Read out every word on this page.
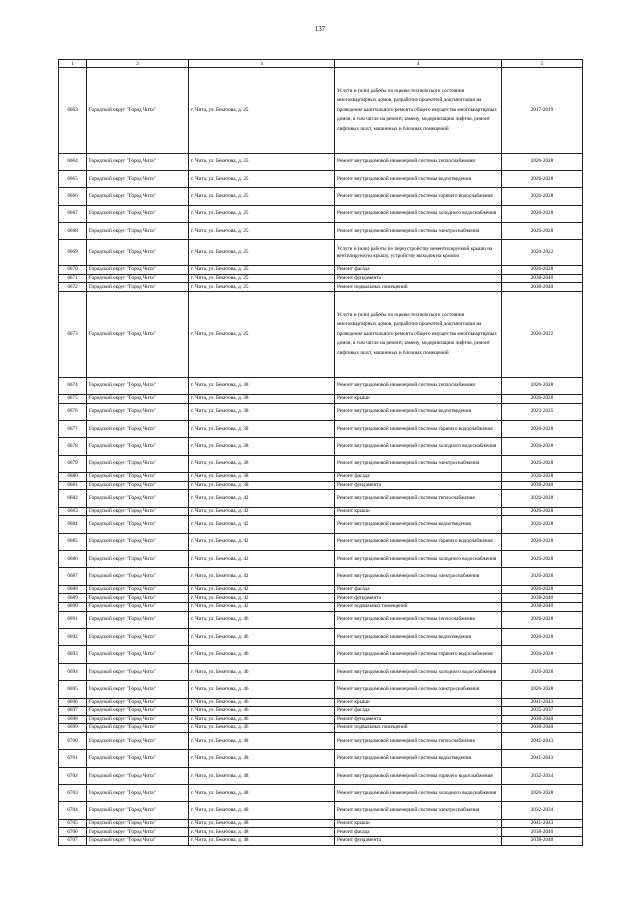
137
1	2	3	4	5
6663	Городской округ "Город Чита"	г. Чита, ул. Бекетова, д. 25	Услуги и (или) работы по оценке технического состояния многоквартирных домов, разработке проектной документации на проведение капитального ремонта общего имущества многоквартирных домов, в том числе на ремонт, замену, модернизацию лифтов, ремонт лифтовых шахт, машинных и блочных помещений	2017-2019
6664	Городской округ "Город Чита"	г. Чита, ул. Бекетова, д. 25	Ремонт внутридомовой инженерной системы теплоснабжения	2026-2028
6665	Городской округ "Город Чита"	г. Чита, ул. Бекетова, д. 25	Ремонт внутридомовой инженерной системы водоотведения	2026-2028
6666	Городской округ "Город Чита"	г. Чита, ул. Бекетова, д. 25	Ремонт внутридомовой инженерной системы горячего водоснабжения	2026-2028
6667	Городской округ "Город Чита"	г. Чита, ул. Бекетова, д. 25	Ремонт внутридомовой инженерной системы холодного водоснабжения	2026-2028
6668	Городской округ "Город Чита"	г. Чита, ул. Бекетова, д. 25	Ремонт внутридомовой инженерной системы электроснабжения	2026-2028
6669	Городской округ "Город Чита"	г. Чита, ул. Бекетова, д. 25	Услуги и (или) работы по переустройству невентилируемой крыши на вентилируемую крышу, устройству выходов на кровлю	2020-2022
6670	Городской округ "Город Чита"	г. Чита, ул. Бекетова, д. 25	Ремонт фасада	2026-2028
6671	Городской округ "Город Чита"	г. Чита, ул. Бекетова, д. 25	Ремонт фундамента	2038-2040
6672	Городской округ "Город Чита"	г. Чита, ул. Бекетова, д. 25	Ремонт подвальных помещений	2038-2040
6673	Городской округ "Город Чита"	г. Чита, ул. Бекетова, д. 25	Услуги и (или) работы по оценке технического состояния многоквартирных домов, разработке проектной документации на проведение капитального ремонта общего имущества многоквартирных домов, в том числе на ремонт, замену, модернизацию лифтов, ремонт лифтовых шахт, машинных и блочных помещений	2020-2022
6674	Городской округ "Город Чита"	г. Чита, ул. Бекетова, д. 38	Ремонт внутридомовой инженерной системы теплоснабжения	2026-2028
6675	Городской округ "Город Чита"	г. Чита, ул. Бекетова, д. 38	Ремонт крыши	2026-2028
6676	Городской округ "Город Чита"	г. Чита, ул. Бекетова, д. 38	Ремонт внутридомовой инженерной системы водоотведения	2023-2025
6677	Городской округ "Город Чита"	г. Чита, ул. Бекетова, д. 38	Ремонт внутридомовой инженерной системы горячего водоснабжения	2026-2028
6678	Городской округ "Город Чита"	г. Чита, ул. Бекетова, д. 38	Ремонт внутридомовой инженерной системы холодного водоснабжения	2026-2028
6679	Городской округ "Город Чита"	г. Чита, ул. Бекетова, д. 38	Ремонт внутридомовой инженерной системы электроснабжения	2026-2028
6680	Городской округ "Город Чита"	г. Чита, ул. Бекетова, д. 38	Ремонт фасада	2026-2028
6681	Городской округ "Город Чита"	г. Чита, ул. Бекетова, д. 38	Ремонт фундамента	2038-2040
6682	Городской округ "Город Чита"	г. Чита, ул. Бекетова, д. 42	Ремонт внутридомовой инженерной системы теплоснабжения	2026-2028
6683	Городской округ "Город Чита"	г. Чита, ул. Бекетова, д. 42	Ремонт крыши	2026-2028
6684	Городской округ "Город Чита"	г. Чита, ул. Бекетова, д. 42	Ремонт внутридомовой инженерной системы водоотведения	2026-2028
6685	Городской округ "Город Чита"	г. Чита, ул. Бекетова, д. 42	Ремонт внутридомовой инженерной системы горячего водоснабжения	2026-2028
6686	Городской округ "Город Чита"	г. Чита, ул. Бекетова, д. 42	Ремонт внутридомовой инженерной системы холодного водоснабжения	2026-2028
6687	Городской округ "Город Чита"	г. Чита, ул. Бекетова, д. 42	Ремонт внутридомовой инженерной системы электроснабжения	2026-2028
6688	Городской округ "Город Чита"	г. Чита, ул. Бекетова, д. 42	Ремонт фасада	2026-2028
6689	Городской округ "Город Чита"	г. Чита, ул. Бекетова, д. 42	Ремонт фундамента	2038-2040
6690	Городской округ "Город Чита"	г. Чита, ул. Бекетова, д. 42	Ремонт подвальных помещений	2038-2040
6691	Городской округ "Город Чита"	г. Чита, ул. Бекетова, д. 46	Ремонт внутридомовой инженерной системы теплоснабжения	2026-2028
6692	Городской округ "Город Чита"	г. Чита, ул. Бекетова, д. 46	Ремонт внутридомовой инженерной системы водоотведения	2026-2028
6693	Городской округ "Город Чита"	г. Чита, ул. Бекетова, д. 46	Ремонт внутридомовой инженерной системы горячего водоснабжения	2026-2028
6694	Городской округ "Город Чита"	г. Чита, ул. Бекетова, д. 46	Ремонт внутридомовой инженерной системы холодного водоснабжения	2026-2028
6695	Городской округ "Город Чита"	г. Чита, ул. Бекетова, д. 46	Ремонт внутридомовой инженерной системы электроснабжения	2026-2028
6696	Городской округ "Город Чита"	г. Чита, ул. Бекетова, д. 46	Ремонт крыши	2041-2043
6697	Городской округ "Город Чита"	г. Чита, ул. Бекетова, д. 46	Ремонт фасада	2035-2037
6698	Городской округ "Город Чита"	г. Чита, ул. Бекетова, д. 46	Ремонт фундамента	2038-2040
6699	Городской округ "Город Чита"	г. Чита, ул. Бекетова, д. 46	Ремонт подвальных помещений	2038-2040
6700	Городской округ "Город Чита"	г. Чита, ул. Бекетова, д. 48	Ремонт внутридомовой инженерной системы теплоснабжения	2041-2043
6701	Городской округ "Город Чита"	г. Чита, ул. Бекетова, д. 48	Ремонт внутридомовой инженерной системы водоотведения	2041-2043
6702	Городской округ "Город Чита"	г. Чита, ул. Бекетова, д. 48	Ремонт внутридомовой инженерной системы горячего водоснабжения	2032-2034
6703	Городской округ "Город Чита"	г. Чита, ул. Бекетова, д. 48	Ремонт внутридомовой инженерной системы холодного водоснабжения	2026-2028
6704	Городской округ "Город Чита"	г. Чита, ул. Бекетова, д. 48	Ремонт внутридомовой инженерной системы электроснабжения	2032-2034
6705	Городской округ "Город Чита"	г. Чита, ул. Бекетова, д. 48	Ремонт крыши	2041-2043
6706	Городской округ "Город Чита"	г. Чита, ул. Бекетова, д. 48	Ремонт фасада	2038-2040
6707	Городской округ "Город Чита"	г. Чита, ул. Бекетова, д. 48	Ремонт фундамента	2038-2040
